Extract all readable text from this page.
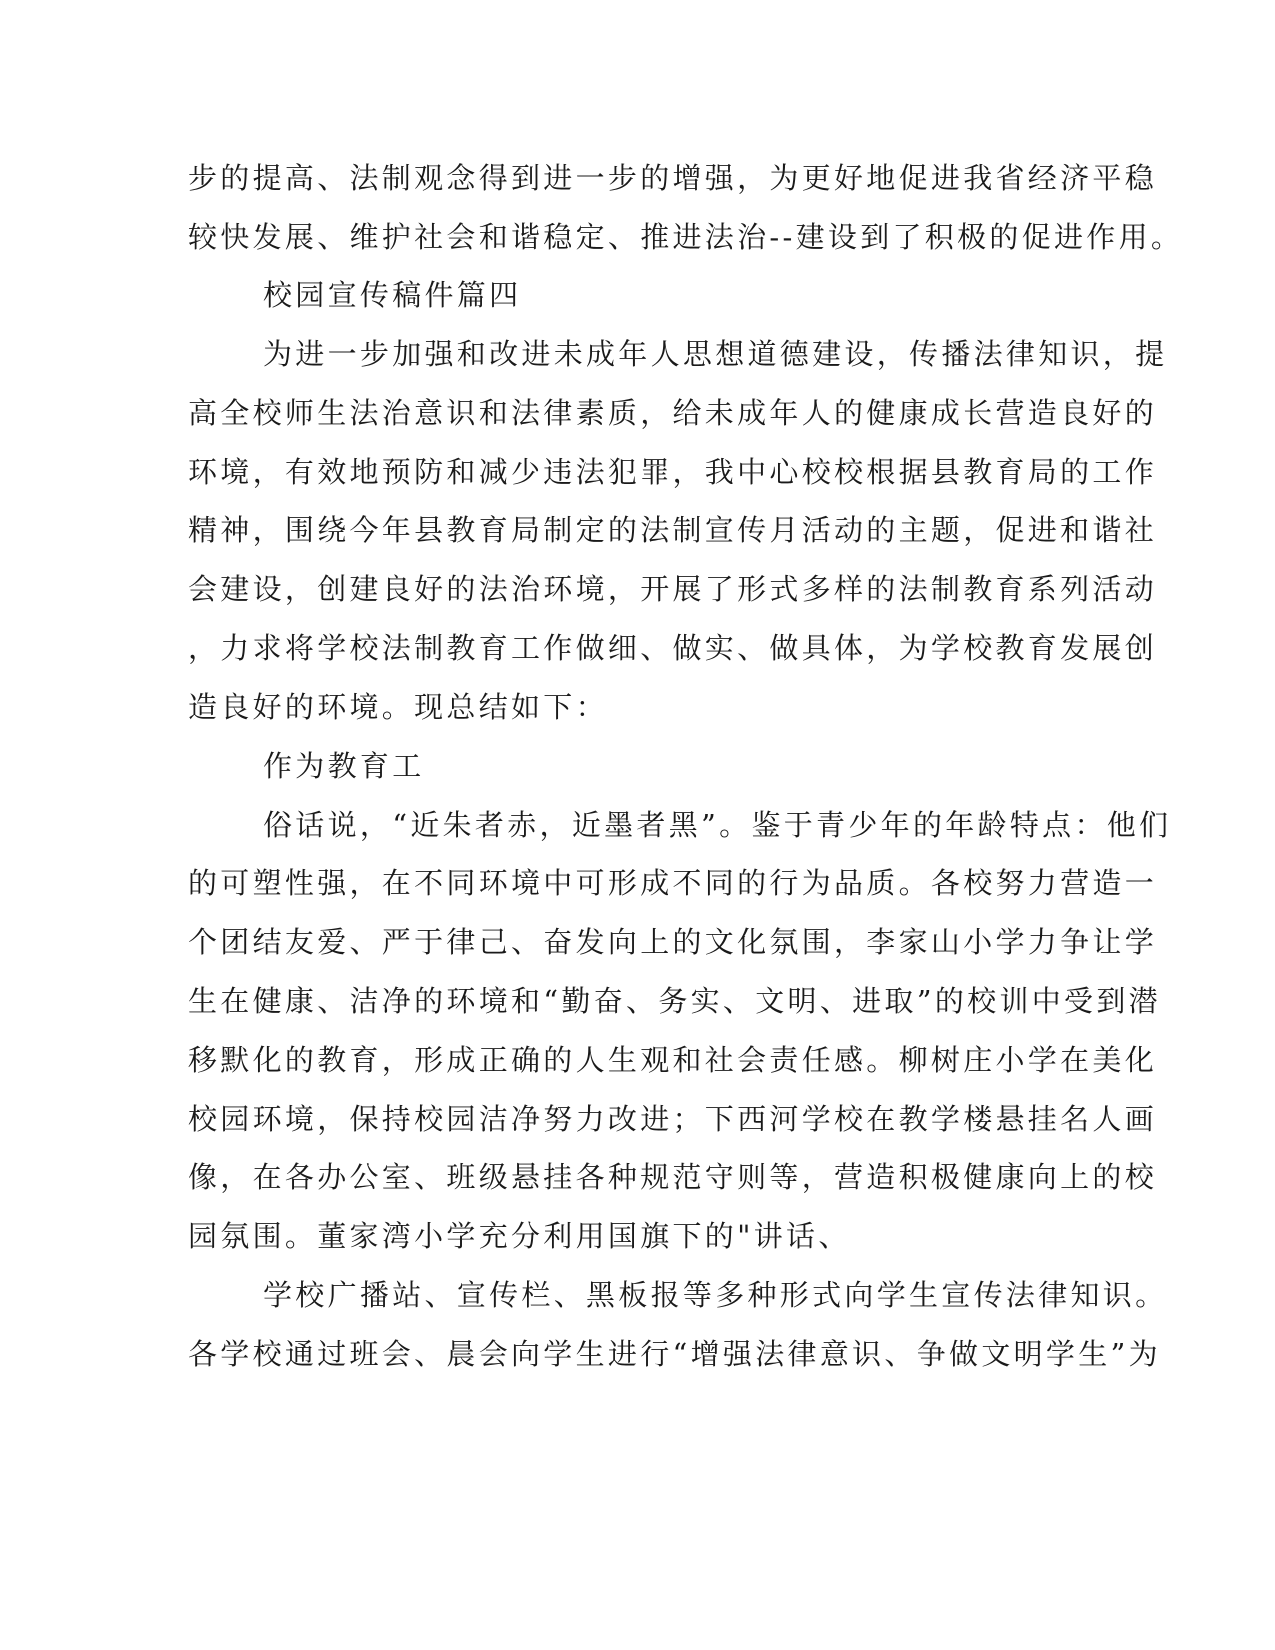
步的提高、法制观念得到进一步的增强，为更好地促进我省经济平稳
较快发展、维护社会和谐稳定、推进法治--建设到了积极的促进作用。
校园宣传稿件篇四
为进一步加强和改进未成年人思想道德建设，传播法律知识，提
高全校师生法治意识和法律素质，给未成年人的健康成长营造良好的
环境，有效地预防和减少违法犯罪，我中心校校根据县教育局的工作
精神，围绕今年县教育局制定的法制宣传月活动的主题，促进和谐社
会建设，创建良好的法治环境，开展了形式多样的法制教育系列活动
，力求将学校法制教育工作做细、做实、做具体，为学校教育发展创
造良好的环境。现总结如下：
作为教育工
俗话说，“近朱者赤，近墨者黑”。鉴于青少年的年龄特点：他们
的可塑性强，在不同环境中可形成不同的行为品质。各校努力营造一
个团结友爱、严于律己、奋发向上的文化氛围，李家山小学力争让学
生在健康、洁净的环境和“勤奋、务实、文明、进取”的校训中受到潜
移默化的教育，形成正确的人生观和社会责任感。柳树庄小学在美化
校园环境，保持校园洁净努力改进；下西河学校在教学楼悬挂名人画
像，在各办公室、班级悬挂各种规范守则等，营造积极健康向上的校
园氛围。董家湾小学充分利用国旗下的"讲话、
学校广播站、宣传栏、黑板报等多种形式向学生宣传法律知识。
各学校通过班会、晨会向学生进行“增强法律意识、争做文明学生”为
